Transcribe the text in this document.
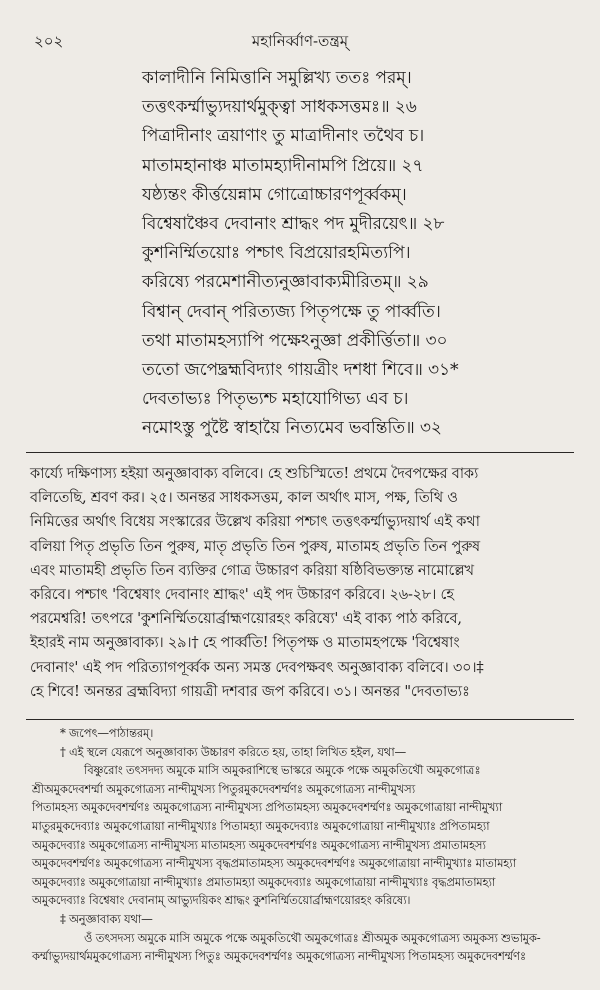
২০২	মহানির্ব্বাণ-তন্ত্রম্‌
কালাদীনি নিমিত্তানি সমুল্লিখ্য ততঃ পরম্‌।
তত্তৎকর্ম্মাভ্যুদয়ার্থমুক্ত্বা সাধকসত্তমঃ॥ ২৬
পিত্রাদীনাং ত্রয়াণাং তু মাত্রাদীনাং তথৈব চ।
মাতামহানাঞ্চ মাতামহ্যাদীনামপি প্রিয়ে॥ ২৭
যষ্ঠ্যন্তং কীর্ত্তয়েন্নাম গোত্রোচ্চারণপূর্ব্বকম্‌।
বিশ্বেষাঞ্চৈব দেবানাং শ্রাদ্ধং পদ মুদীরয়েৎ॥ ২৮
কুশনির্ম্মিতয়োঃ পশ্চাৎ বিপ্রয়োরহমিত্যপি।
করিষ্যে পরমেশানীত্যনুজ্ঞাবাক্যমীরিতম্‌॥ ২৯
বিশ্বান্‌ দেবান্‌ পরিত্যজ্য পিতৃপক্ষে তু পার্ব্বতি।
তথা মাতামহস্যাপি পক্ষেঽনুজ্ঞা প্রকীর্ত্তিতা॥ ৩০
ততো জপেদ্ব্রহ্মবিদ্যাং গায়ত্রীং দশধা শিবে॥ ৩১*
দেবতাভ্যঃ পিতৃভ্যশ্চ মহাযোগিভ্য এব চ।
নমোঽস্তু পুষ্টৈ স্বাহায়ৈ নিত্যমেব ভবন্তিতি॥ ৩২
কার্য্যে দক্ষিণাস্য হইয়া অনুজ্ঞাবাক্য বলিবে। হে শুচিস্মিতে! প্রথমে দৈবপক্ষের বাক্য
বলিতেছি, শ্রবণ কর। ২৫। অনন্তর সাধকসত্তম, কাল অর্থাৎ মাস, পক্ষ, তিথি ও
নিমিত্তের অর্থাৎ বিধেয় সংস্কারের উল্লেখ করিয়া পশ্চাৎ তত্তৎকর্ম্মাভ্যুদয়ার্থ এই কথা
বলিয়া পিতৃ প্রভৃতি তিন পুরুষ, মাতৃ প্রভৃতি তিন পুরুষ, মাতামহ প্রভৃতি তিন পুরুষ
এবং মাতামহী প্রভৃতি তিন ব্যক্তির গোত্র উচ্চারণ করিয়া ষষ্ঠিবিভক্ত্যন্ত নামোল্লেখ
করিবে। পশ্চাৎ 'বিশ্বেষাং দেবানাং শ্রাদ্ধং' এই পদ উচ্চারণ করিবে। ২৬-২৮। হে
পরমেশ্বরি! তৎপরে 'কুশনির্ম্মিতয়োর্ব্রাহ্মণয়োরহং করিষ্যে' এই বাক্য পাঠ করিবে,
ইহারই নাম অনুজ্ঞাবাক্য। ২৯।† হে পার্ব্বতি! পিতৃপক্ষ ও মাতামহপক্ষে 'বিশ্বেষাং
দেবানাং' এই পদ পরিত্যাগপূর্ব্বক অন্য সমস্ত দেবপক্ষবৎ অনুজ্ঞাবাক্য বলিবে। ৩০।‡
হে শিবে! অনন্তর ব্রহ্মবিদ্যা গায়ত্রী দশবার জপ করিবে। ৩১। অনন্তর "দেবতাভ্যঃ
* জপেৎ—পাঠান্তরম্‌।
† এই স্থলে যেরূপে অনুজ্ঞাবাক্য উচ্চারণ করিতে হয়, তাহা লিখিত হইল, যথা—
বিষ্ণুরোং তৎসদদ্য অমুকে মাসি অমুকরাশিস্থে ভাস্করে অমুকে পক্ষে অমুকতিথৌ অমুকগোত্রঃ
শ্রীঅমুকদেবশর্ম্মা অমুকগোত্রস্য নান্দীমুখস্য পিতুরমুকদেবশর্ম্মণঃ অমুকগোত্রস্য নান্দীমুখস্য
পিতামহস্য অমুকদেবশর্ম্মণঃ অমুকগোত্রস্য নান্দীমুখস্য প্রপিতামহস্য অমুকদেবশর্ম্মণঃ অমুকগোত্রায়া নান্দীমুখ্যা
মাতুরমুকদেব্যাঃ অমুকগোত্রায়া নান্দীমুখ্যাঃ পিতামহ্যা অমুকদেব্যাঃ অমুকগোত্রায়া নান্দীমুখ্যাঃ প্রপিতামহ্যা
অমুকদেব্যাঃ অমুকগোত্রস্য নান্দীমুখস্য মাতামহস্য অমুকদেবশর্ম্মণঃ অমুকগোত্রস্য নান্দীমুখস্য প্রমাতামহস্য
অমুকদেবশর্ম্মণঃ অমুকগোত্রস্য নান্দীমুখস্য বৃদ্ধপ্রমাতামহস্য অমুকদেবশর্ম্মণঃ অমুকগোত্রায়া নান্দীমুখ্যাঃ মাতামহ্যা
অমুকদেব্যাঃ অমুকগোত্রায়া নান্দীমুখ্যাঃ প্রমাতামহ্যা অমুকদেব্যাঃ অমুকগোত্রায়া নান্দীমুখ্যাঃ বৃদ্ধপ্রমাতামহ্যা
অমুকদেব্যাঃ বিশ্বেষাং দেবানাম্‌ আভ্যুদয়িকং শ্রাদ্ধং কুশনির্ম্মিতয়োর্ব্রাহ্মণয়োরহং করিষ্যে।
‡ অনুজ্ঞাবাক্য যথা—
ওঁ তৎসদস্য অমুকে মাসি অমুকে পক্ষে অমুকতিথৌ অমুকগোত্রঃ শ্রীঅমুক অমুকগোত্রস্য অমুকস্য শুভামুক-
কর্ম্মাভ্যুদয়ার্থমমুকগোত্রস্য নান্দীমুখস্য পিতুঃ অমুকদেবশর্ম্মণঃ অমুকগোত্রস্য নান্দীমুখস্য পিতামহস্য অমুকদেবশর্ম্মণঃ
